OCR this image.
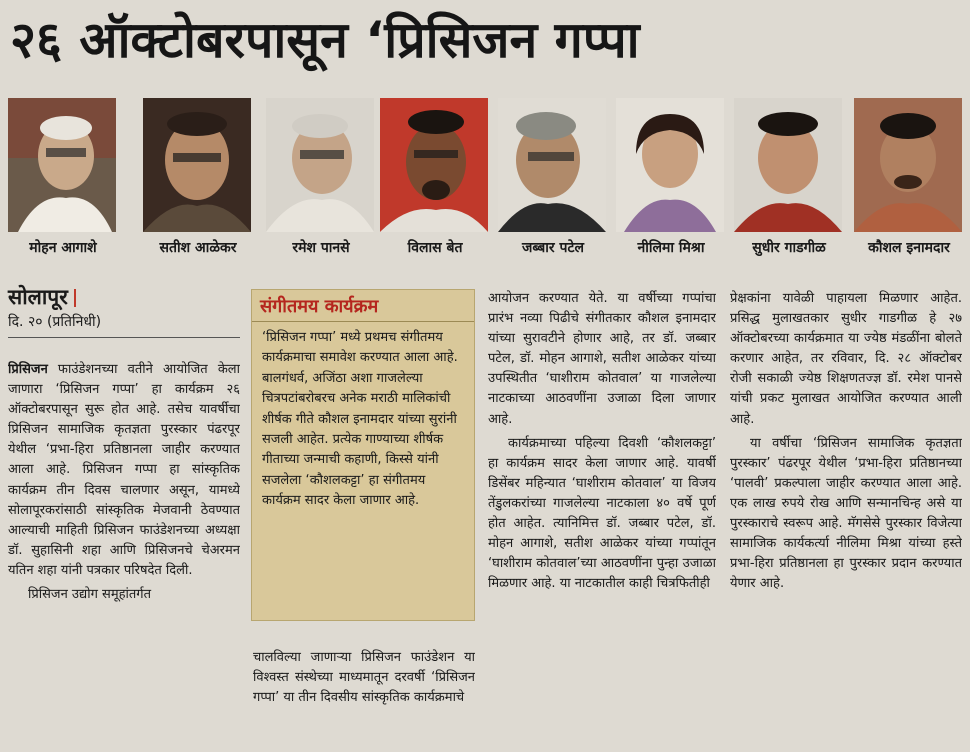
२६ ऑक्टोबरपासून ‘प्रिसिजन गप्पा
मोहन आगाशे	सतीश आळेकर	रमेश पानसे	विलास बेत	जब्बार पटेल	नीलिमा मिश्रा	सुधीर गाडगीळ	कौशल इनामदार
सोलापूर
दि. २० (प्रतिनिधी)

प्रिसिजन फाउंडेशनच्या वतीने आयोजित केला जाणारा ‘प्रिसिजन गप्पा’ हा कार्यक्रम २६ ऑक्टोबरपासून सुरू होत आहे. तसेच यावर्षीचा प्रिसिजन सामाजिक कृतज्ञता पुरस्कार पंढरपूर येथील ‘प्रभा-हिरा प्रतिष्ठानला जाहीर करण्यात आला आहे. प्रिसिजन गप्पा हा सांस्कृतिक कार्यक्रम तीन दिवस चालणार असून, यामध्ये सोलापूरकरांसाठी सांस्कृतिक मेजवानी ठेवण्यात आल्याची माहिती प्रिसिजन फाउंडेशनच्या अध्यक्षा डॉ. सुहासिनी शहा आणि प्रिसिजनचे चेअरमन यतिन शहा यांनी पत्रकार परिषदेत दिली.

प्रिसिजन उद्योग समूहांतर्गत

संगीतमय कार्यक्रम

‘प्रिसिजन गप्पा’ मध्ये प्रथमच संगीतमय कार्यक्रमाचा समावेश करण्यात आला आहे. बालगंधर्व, अजिंठा अशा गाजलेल्या चित्रपटांबरोबरच अनेक मराठी मालिकांची शीर्षक गीते कौशल इनामदार यांच्या सुरांनी सजली आहेत. प्रत्येक गाण्याच्या शीर्षक गीताच्या जन्माची कहाणी, किस्से यांनी सजलेला ‘कौशलकट्टा’ हा संगीतमय कार्यक्रम सादर केला जाणार आहे.

चालविल्या जाणाऱ्या प्रिसिजन फाउंडेशन या विश्वस्त संस्थेच्या माध्यमातून दरवर्षी ‘प्रिसिजन गप्पा’ या तीन दिवसीय सांस्कृतिक कार्यक्रमाचे

आयोजन करण्यात येते. या वर्षीच्या गप्पांचा प्रारंभ नव्या पिढीचे संगीतकार कौशल इनामदार यांच्या सुरावटीने होणार आहे, तर डॉ. जब्बार पटेल, डॉ. मोहन आगाशे, सतीश आळेकर यांच्या उपस्थितीत ‘घाशीराम कोतवाल’ या गाजलेल्या नाटकाच्या आठवणींना उजाळा दिला जाणार आहे.

कार्यक्रमाच्या पहिल्या दिवशी ‘कौशलकट्टा’ हा कार्यक्रम सादर केला जाणार आहे. यावर्षी डिसेंबर महिन्यात ‘घाशीराम कोतवाल’ या विजय तेंडुलकरांच्या गाजलेल्या नाटकाला ४० वर्षे पूर्ण होत आहेत. त्यानिमित्त डॉ. जब्बार पटेल, डॉ. मोहन आगाशे, सतीश आळेकर यांच्या गप्पांतून ‘घाशीराम कोतवाल’च्या आठवणींना पुन्हा उजाळा मिळणार आहे. या नाटकातील काही चित्रफितीही

प्रेक्षकांना यावेळी पाहायला मिळणार आहेत. प्रसिद्ध मुलाखतकार सुधीर गाडगीळ हे २७ ऑक्टोबरच्या कार्यक्रमात या ज्येष्ठ मंडळींना बोलते करणार आहेत, तर रविवार, दि. २८ ऑक्टोबर रोजी सकाळी ज्येष्ठ शिक्षणतज्ज्ञ डॉ. रमेश पानसे यांची प्रकट मुलाखत आयोजित करण्यात आली आहे.

या वर्षीचा ‘प्रिसिजन सामाजिक कृतज्ञता पुरस्कार’ पंढरपूर येथील ‘प्रभा-हिरा प्रतिष्ठानच्या ‘पालवी’ प्रकल्पाला जाहीर करण्यात आला आहे. एक लाख रुपये रोख आणि सन्मानचिन्ह असे या पुरस्काराचे स्वरूप आहे. मॅगसेसे पुरस्कार विजेत्या सामाजिक कार्यकर्त्या नीलिमा मिश्रा यांच्या हस्ते प्रभा-हिरा प्रतिष्ठानला हा पुरस्कार प्रदान करण्यात येणार आहे.
